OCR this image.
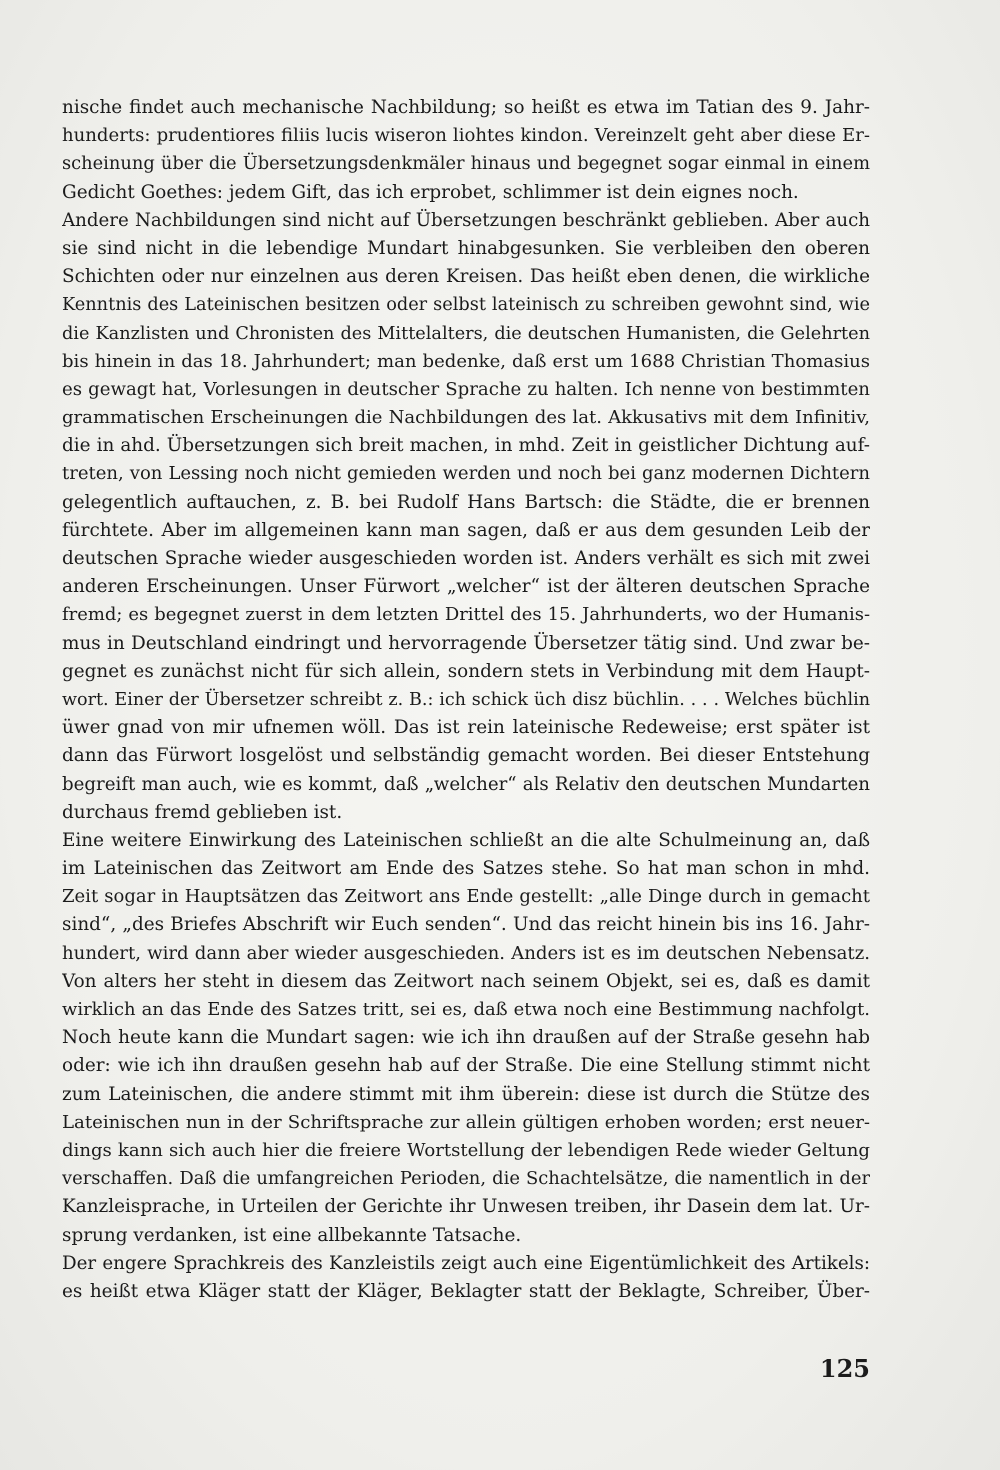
nische findet auch mechanische Nachbildung; so heißt es etwa im Tatian des 9. Jahr-
hunderts: prudentiores filiis lucis wiseron liohtes kindon. Vereinzelt geht aber diese Er-
scheinung über die Übersetzungsdenkmäler hinaus und begegnet sogar einmal in einem
Gedicht Goethes: jedem Gift, das ich erprobet, schlimmer ist dein eignes noch.
Andere Nachbildungen sind nicht auf Übersetzungen beschränkt geblieben. Aber auch
sie sind nicht in die lebendige Mundart hinabgesunken. Sie verbleiben den oberen
Schichten oder nur einzelnen aus deren Kreisen. Das heißt eben denen, die wirkliche
Kenntnis des Lateinischen besitzen oder selbst lateinisch zu schreiben gewohnt sind, wie
die Kanzlisten und Chronisten des Mittelalters, die deutschen Humanisten, die Gelehrten
bis hinein in das 18. Jahrhundert; man bedenke, daß erst um 1688 Christian Thomasius
es gewagt hat, Vorlesungen in deutscher Sprache zu halten. Ich nenne von bestimmten
grammatischen Erscheinungen die Nachbildungen des lat. Akkusativs mit dem Infinitiv,
die in ahd. Übersetzungen sich breit machen, in mhd. Zeit in geistlicher Dichtung auf-
treten, von Lessing noch nicht gemieden werden und noch bei ganz modernen Dichtern
gelegentlich auftauchen, z. B. bei Rudolf Hans Bartsch: die Städte, die er brennen
fürchtete. Aber im allgemeinen kann man sagen, daß er aus dem gesunden Leib der
deutschen Sprache wieder ausgeschieden worden ist. Anders verhält es sich mit zwei
anderen Erscheinungen. Unser Fürwort „welcher“ ist der älteren deutschen Sprache
fremd; es begegnet zuerst in dem letzten Drittel des 15. Jahrhunderts, wo der Humanis-
mus in Deutschland eindringt und hervorragende Übersetzer tätig sind. Und zwar be-
gegnet es zunächst nicht für sich allein, sondern stets in Verbindung mit dem Haupt-
wort. Einer der Übersetzer schreibt z. B.: ich schick üch disz büchlin. . . . Welches büchlin
üwer gnad von mir ufnemen wöll. Das ist rein lateinische Redeweise; erst später ist
dann das Fürwort losgelöst und selbständig gemacht worden. Bei dieser Entstehung
begreift man auch, wie es kommt, daß „welcher“ als Relativ den deutschen Mundarten
durchaus fremd geblieben ist.
Eine weitere Einwirkung des Lateinischen schließt an die alte Schulmeinung an, daß
im Lateinischen das Zeitwort am Ende des Satzes stehe. So hat man schon in mhd.
Zeit sogar in Hauptsätzen das Zeitwort ans Ende gestellt: „alle Dinge durch in gemacht
sind“, „des Briefes Abschrift wir Euch senden“. Und das reicht hinein bis ins 16. Jahr-
hundert, wird dann aber wieder ausgeschieden. Anders ist es im deutschen Nebensatz.
Von alters her steht in diesem das Zeitwort nach seinem Objekt, sei es, daß es damit
wirklich an das Ende des Satzes tritt, sei es, daß etwa noch eine Bestimmung nachfolgt.
Noch heute kann die Mundart sagen: wie ich ihn draußen auf der Straße gesehn hab
oder: wie ich ihn draußen gesehn hab auf der Straße. Die eine Stellung stimmt nicht
zum Lateinischen, die andere stimmt mit ihm überein: diese ist durch die Stütze des
Lateinischen nun in der Schriftsprache zur allein gültigen erhoben worden; erst neuer-
dings kann sich auch hier die freiere Wortstellung der lebendigen Rede wieder Geltung
verschaffen. Daß die umfangreichen Perioden, die Schachtelsätze, die namentlich in der
Kanzleisprache, in Urteilen der Gerichte ihr Unwesen treiben, ihr Dasein dem lat. Ur-
sprung verdanken, ist eine allbekannte Tatsache.
Der engere Sprachkreis des Kanzleistils zeigt auch eine Eigentümlichkeit des Artikels:
es heißt etwa Kläger statt der Kläger, Beklagter statt der Beklagte, Schreiber, Über-
125
